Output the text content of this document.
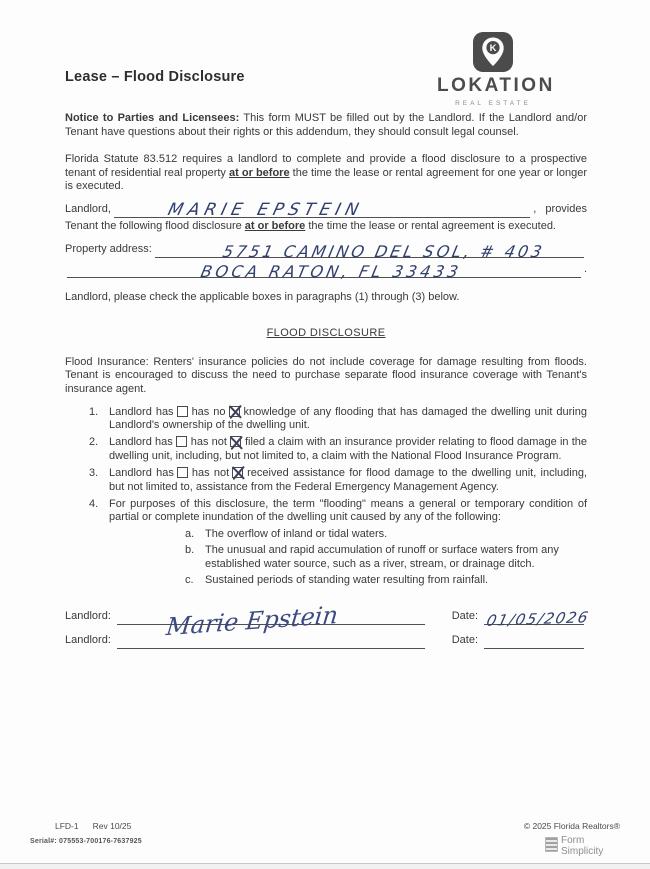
Lease – Flood Disclosure
K
LOKATION
REAL ESTATE

Notice to Parties and Licensees: This form MUST be filled out by the Landlord. If the Landlord and/or Tenant have questions about their rights or this addendum, they should consult legal counsel.

Florida Statute 83.512 requires a landlord to complete and provide a flood disclosure to a prospective tenant of residential real property at or before the time the lease or rental agreement for one year or longer is executed.

Landlord,	MARIE EPSTEIN	,   provides

Tenant the following flood disclosure at or before the time the lease or rental agreement is executed.

Property address:	5751 CAMINO DEL SOL, # 403
BOCA RATON, FL 33433	.

Landlord, please check the applicable boxes in paragraphs (1) through (3) below.

FLOOD DISCLOSURE

Flood Insurance: Renters' insurance policies do not include coverage for damage resulting from floods. Tenant is encouraged to discuss the need to purchase separate flood insurance coverage with Tenant's insurance agent.

1. Landlord has has no knowledge of any flooding that has damaged the dwelling unit during Landlord's ownership of the dwelling unit.
2. Landlord has has not filed a claim with an insurance provider relating to flood damage in the dwelling unit, including, but not limited to, a claim with the National Flood Insurance Program.
3. Landlord has has not received assistance for flood damage to the dwelling unit, including, but not limited to, assistance from the Federal Emergency Management Agency.
4. For purposes of this disclosure, the term "flooding" means a general or temporary condition of partial or complete inundation of the dwelling unit caused by any of the following:
a. The overflow of inland or tidal waters.
b. The unusual and rapid accumulation of runoff or surface waters from any established water source, such as a river, stream, or drainage ditch.
c.	Sustained periods of standing water resulting from rainfall.
Landlord: Marie Epstein	Date: 01/05/2026
Landlord:	Date:
LFD-1 Rev 10/25
Serial#: 075553-700176-7637925
© 2025 Florida Realtors®
Form
Simplicity
